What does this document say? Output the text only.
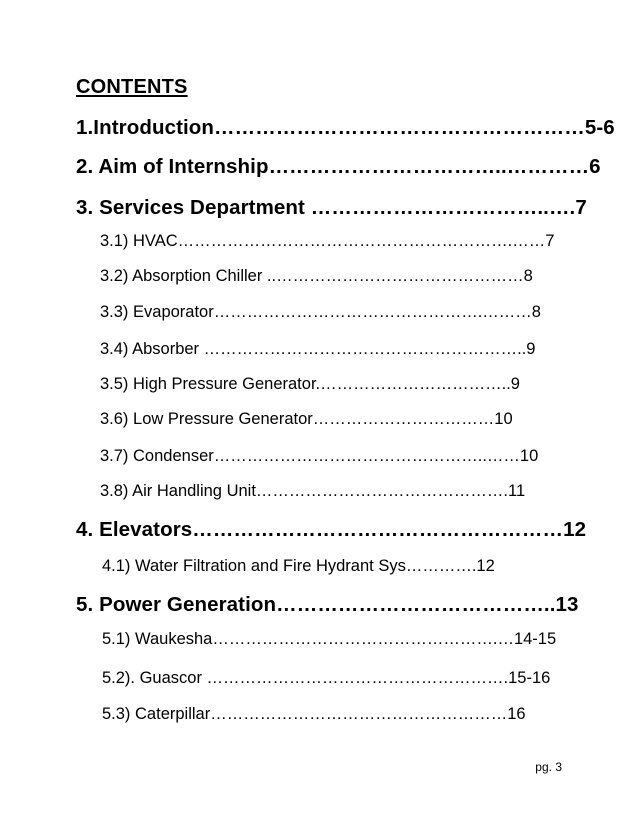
CONTENTS
1.Introduction………………………………………………5-6
2. Aim of Internship……………………………..…………6
3. Services Department ……………………………..….7
3.1) HVAC…………………………………………………….……7
3.2) Absorption Chiller ..………………………………………8
3.3) Evaporator………………………………………….………8
3.4) Absorber …………………………………………………..9
3.5) High Pressure Generator.……………………………..9
3.6) Low Pressure Generator……………………………10
3.7) Condenser…………………………………………..……10
3.8) Air Handling Unit……………………………………….11
4. Elevators………………………………………………12
4.1) Water Filtration and Fire Hydrant Sys………….12
5. Power Generation…………………………………..13
5.1) Waukesha…………………………………………….…14-15
5.2). Guascor ……………………………………………….15-16
5.3) Caterpillar………………………………………………16
pg. 3
